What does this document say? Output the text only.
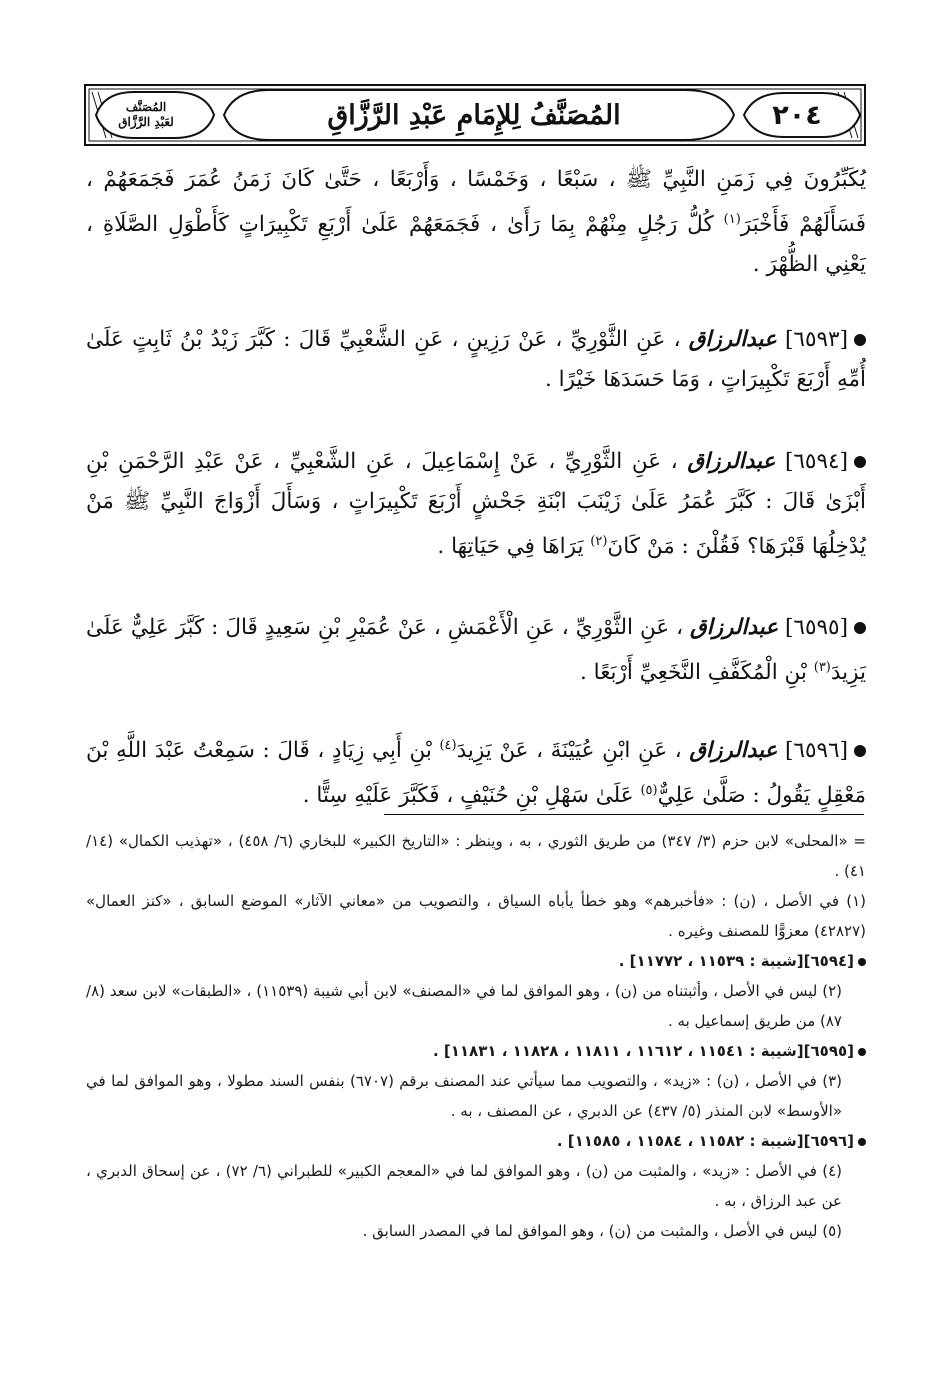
٢٠٤
المُصَنَّفُ لِلإِمَامِ عَبْدِ الرَّزَّاقِ
المُصَنَّف
لعَبْدِ الرَّزَّاق

يُكَبِّرُونَ فِي زَمَنِ النَّبِيِّ ﷺ ، سَبْعًا ، وَخَمْسًا ، وَأَرْبَعًا ، حَتَّىٰ كَانَ زَمَنُ عُمَرَ فَجَمَعَهُمْ ، فَسَأَلَهُمْ فَأَخْبَرَ$^{(١)}$ كُلُّ رَجُلٍ مِنْهُمْ بِمَا رَأَىٰ ، فَجَمَعَهُمْ عَلَىٰ أَرْبَعِ تَكْبِيرَاتٍ كَأَطْوَلِ الصَّلَاةِ ، يَعْنِي الظُّهْرَ .

[٦٥٩٣] عبدالرزاق ، عَنِ الثَّوْرِيِّ ، عَنْ رَزِينٍ ، عَنِ الشَّعْبِيِّ قَالَ : كَبَّرَ زَيْدُ بْنُ ثَابِتٍ عَلَىٰ أُمِّهِ أَرْبَعَ تَكْبِيرَاتٍ ، وَمَا حَسَدَهَا خَيْرًا .

[٦٥٩٤] عبدالرزاق ، عَنِ الثَّوْرِيِّ ، عَنْ إِسْمَاعِيلَ ، عَنِ الشَّعْبِيِّ ، عَنْ عَبْدِ الرَّحْمَنِ بْنِ أَبْزَىٰ قَالَ : كَبَّرَ عُمَرُ عَلَىٰ زَيْنَبَ ابْنَةِ جَحْشٍ أَرْبَعَ تَكْبِيرَاتٍ ، وَسَأَلَ أَزْوَاجَ النَّبِيِّ ﷺ مَنْ يُدْخِلُهَا قَبْرَهَا؟ فَقُلْنَ : مَنْ كَانَ$^{(٢)}$ يَرَاهَا فِي حَيَاتِهَا .

[٦٥٩٥] عبدالرزاق ، عَنِ الثَّوْرِيِّ ، عَنِ الْأَعْمَشِ ، عَنْ عُمَيْرِ بْنِ سَعِيدٍ قَالَ : كَبَّرَ عَلِيٌّ عَلَىٰ يَزِيدَ$^{(٣)}$ بْنِ الْمُكَفَّفِ النَّخَعِيِّ أَرْبَعًا .

[٦٥٩٦] عبدالرزاق ، عَنِ ابْنِ عُيَيْنَةَ ، عَنْ يَزِيدَ$^{(٤)}$ بْنِ أَبِي زِيَادٍ ، قَالَ : سَمِعْتُ عَبْدَ اللَّهِ بْنَ مَعْقِلٍ يَقُولُ : صَلَّىٰ عَلِيٌّ$^{(٥)}$ عَلَىٰ سَهْلِ بْنِ حُنَيْفٍ ، فَكَبَّرَ عَلَيْهِ سِتًّا .

= «المحلى» لابن حزم (٣/ ٣٤٧) من طريق الثوري ، به ، وينظر : «التاريخ الكبير» للبخاري (٦/ ٤٥٨) ، «تهذيب الكمال» (١٤/ ٤١) .

(١) في الأصل ، (ن) : «فأخبرهم» وهو خطأ يأباه السياق ، والتصويب من «معاني الآثار» الموضع السابق ، «كنز العمال» (٤٢٨٢٧) معزوًّا للمصنف وغيره .

[٦٥٩٤][شيبة : ١١٥٣٩ ، ١١٧٧٢] .

(٢) ليس في الأصل ، وأثبتناه من (ن) ، وهو الموافق لما في «المصنف» لابن أبي شيبة (١١٥٣٩) ، «الطبقات» لابن سعد (٨/ ٨٧) من طريق إسماعيل به .

[٦٥٩٥][شيبة : ١١٥٤١ ، ١١٦١٢ ، ١١٨١١ ، ١١٨٢٨ ، ١١٨٣١] .

(٣) في الأصل ، (ن) : «زيد» ، والتصويب مما سيأتي عند المصنف برقم (٦٧٠٧) بنفس السند مطولا ، وهو الموافق لما في «الأوسط» لابن المنذر (٥/ ٤٣٧) عن الدبري ، عن المصنف ، به .

[٦٥٩٦][شيبة : ١١٥٨٢ ، ١١٥٨٤ ، ١١٥٨٥] .

(٤) في الأصل : «زيد» ، والمثبت من (ن) ، وهو الموافق لما في «المعجم الكبير» للطبراني (٦/ ٧٢) ، عن إسحاق الدبري ، عن عبد الرزاق ، به .

(٥) ليس في الأصل ، والمثبت من (ن) ، وهو الموافق لما في المصدر السابق .
